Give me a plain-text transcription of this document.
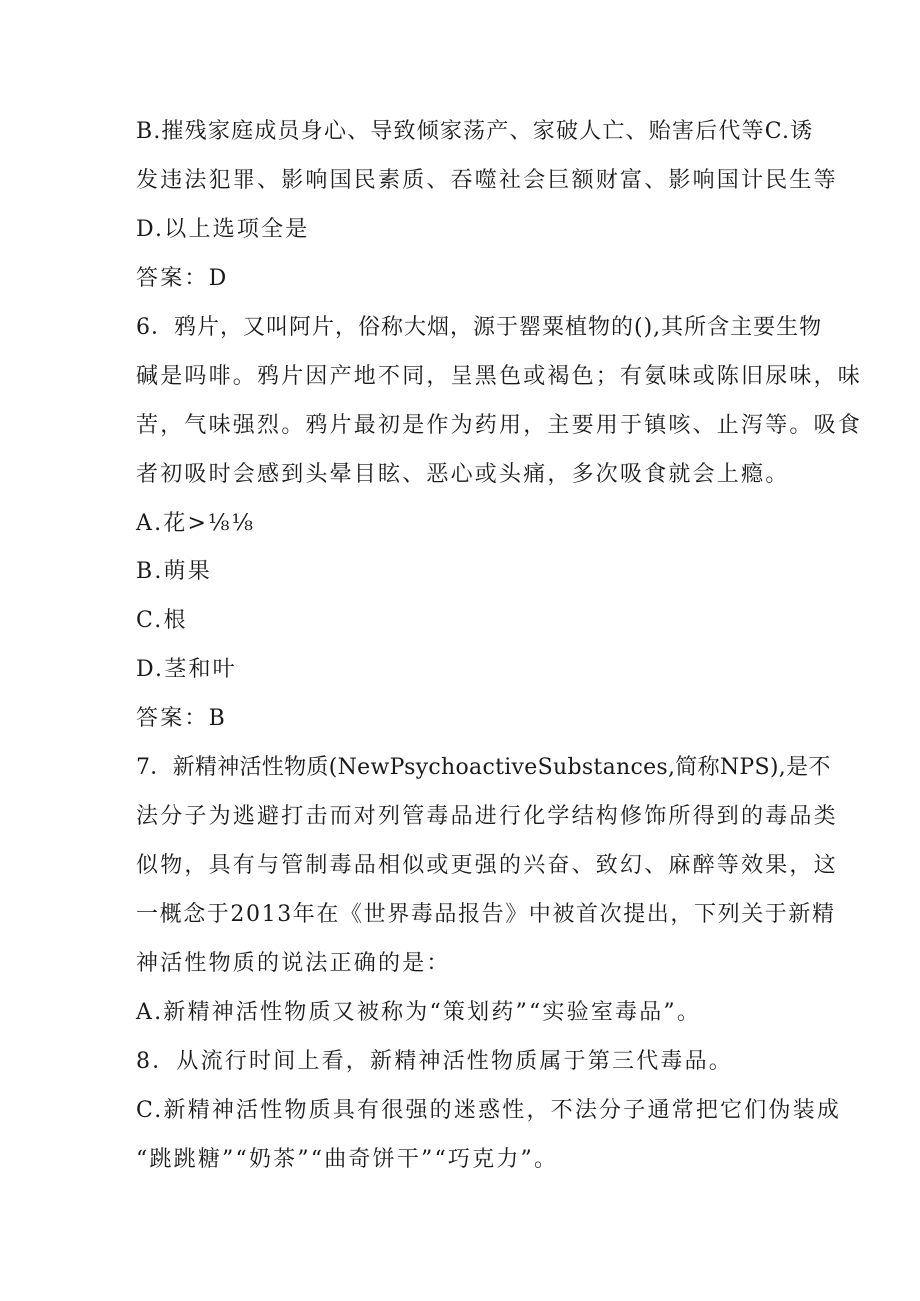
B.摧残家庭成员身心、导致倾家荡产、家破人亡、贻害后代等C.诱
发违法犯罪、影响国民素质、吞噬社会巨额财富、影响国计民生等
D.以上选项全是
答案：D
6．鸦片，又叫阿片，俗称大烟，源于罂粟植物的(),其所含主要生物
碱是吗啡。鸦片因产地不同，呈黑色或褐色；有氨味或陈旧尿味，味
苦，气味强烈。鸦片最初是作为药用，主要用于镇咳、止泻等。吸食
者初吸时会感到头晕目眩、恶心或头痛，多次吸食就会上瘾。
A.花>⅛⅛
B.萌果
C.根
D.茎和叶
答案：B
7．新精神活性物质(NewPsychoactiveSubstances,简称NPS),是不
法分子为逃避打击而对列管毒品进行化学结构修饰所得到的毒品类
似物，具有与管制毒品相似或更强的兴奋、致幻、麻醉等效果，这
一概念于2013年在《世界毒品报告》中被首次提出，下列关于新精
神活性物质的说法正确的是：
A.新精神活性物质又被称为“策划药”“实验室毒品”。
8．从流行时间上看，新精神活性物质属于第三代毒品。
C.新精神活性物质具有很强的迷惑性，不法分子通常把它们伪装成
“跳跳糖”“奶茶”“曲奇饼干”“巧克力”。
